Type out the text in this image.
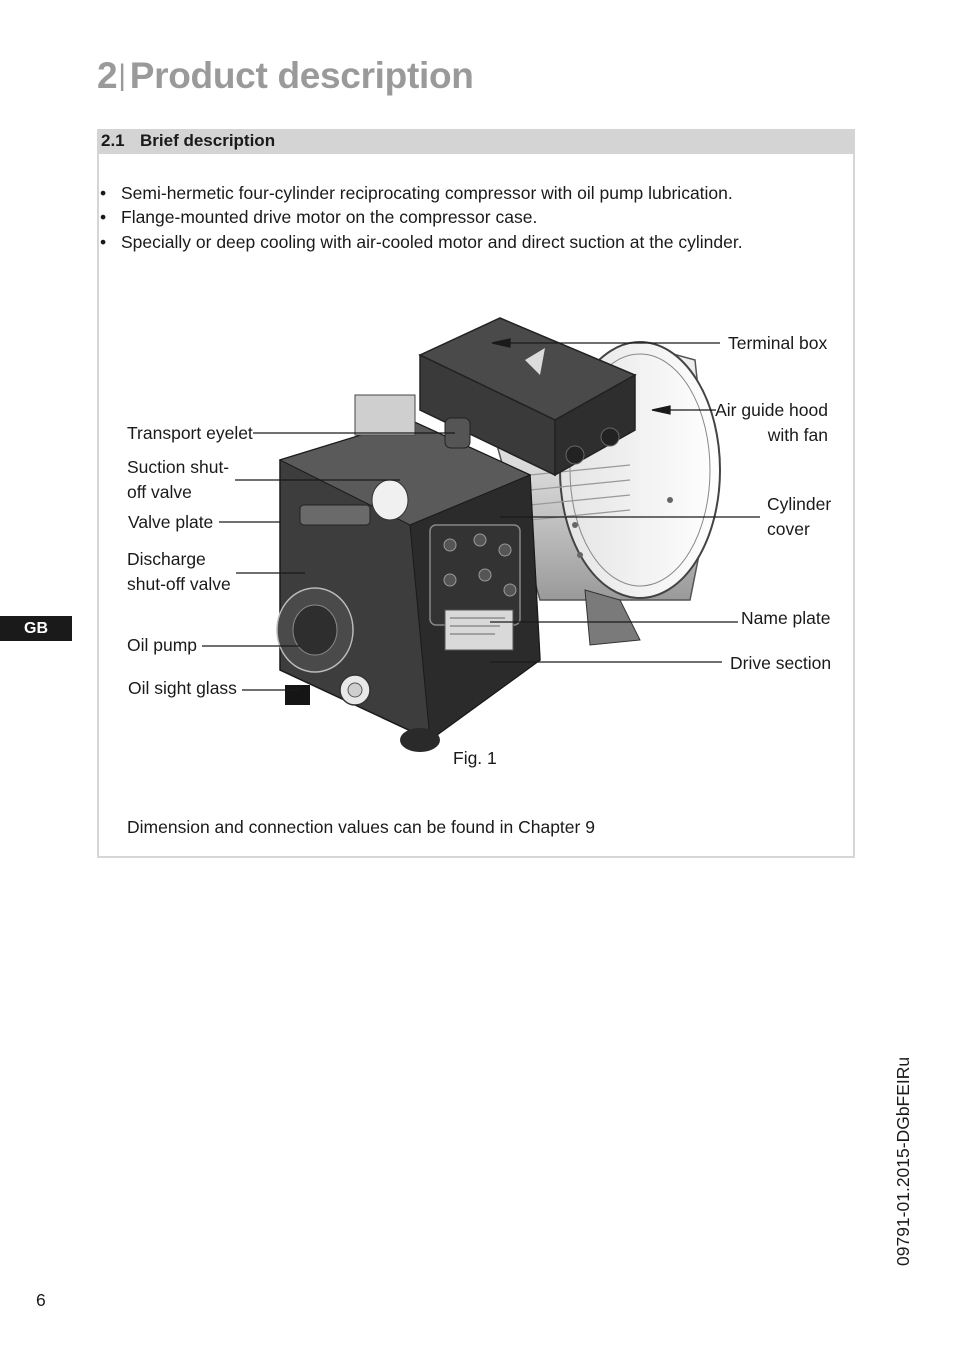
2| Product description
2.1 Brief description
• Semi-hermetic four-cylinder reciprocating compressor with oil pump lubrication.
• Flange-mounted drive motor on the compressor case.
• Specially or deep cooling with air-cooled motor and direct suction at the cylinder.
Transport eyelet
Suction shut-
off valve
Valve plate
Discharge
shut-off valve
Oil pump
Oil sight glass
Terminal box
Air guide hood
with fan
Cylinder
cover
Name plate
Drive section
Fig. 1
Dimension and connection values can be found in Chapter 9
GB
6
09791-01.2015-DGbFEIRu
